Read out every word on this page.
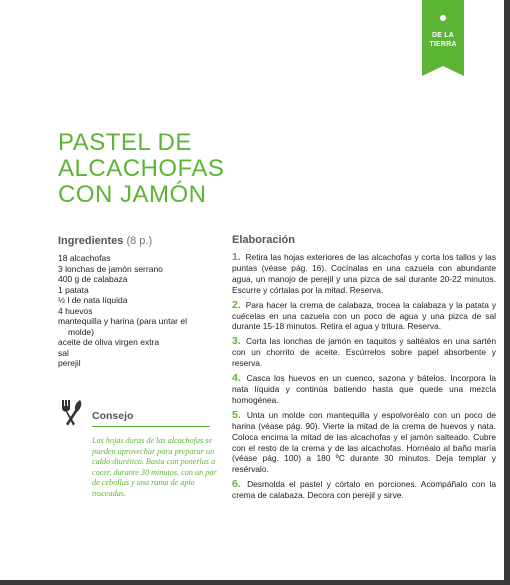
DE LA
TIERRA
PASTEL DE
ALCACHOFAS
CON JAMÓN
Ingredientes (8 p.)
18 alcachofas
3 lonchas de jamón serrano
400 g de calabaza
1 patata
½ l de nata líquida
4 huevos
mantequilla y harina (para untar el
molde)
aceite de oliva virgen extra
sal
perejil
Consejo

Las hojas duras de las alcachofas se pueden aprovechar para preparar un caldo diurético. Basta con ponerlas a cocer, durante 30 minutos, con un par de cebollas y una rama de apio troceadas.

Elaboración
1. Retira las hojas exteriores de las alcachofas y corta los tallos y las puntas (véase pág. 16). Cocínalas en una cazuela con abundante agua, un manojo de perejil y una pizca de sal durante 20-22 minutos. Escurre y córtalas por la mitad. Reserva.
2. Para hacer la crema de calabaza, trocea la calabaza y la patata y cuécelas en una cazuela con un poco de agua y una pizca de sal durante 15-18 minutos. Retira el agua y tritura. Reserva.
3. Corta las lonchas de jamón en taquitos y saltéalos en una sartén con un chorrito de aceite. Escúrrelos sobre papel absorbente y reserva.
4. Casca los huevos en un cuenco, sazona y bátelos. Incorpora la nata líquida y continúa batiendo hasta que quede una mezcla homogénea.
5. Unta un molde con mantequilla y espolvoréalo con un poco de harina (véase pág. 90). Vierte la mitad de la crema de huevos y nata. Coloca encima la mitad de las alcachofas y el jamón salteado. Cubre con el resto de la crema y de las alcachofas. Hornéalo al baño maría (véase pág. 100) a 180 ºC durante 30 minutos. Deja templar y resérvalo.
6. Desmolda el pastel y córtalo en porciones. Acompáñalo con la crema de calabaza. Decora con perejil y sirve.
